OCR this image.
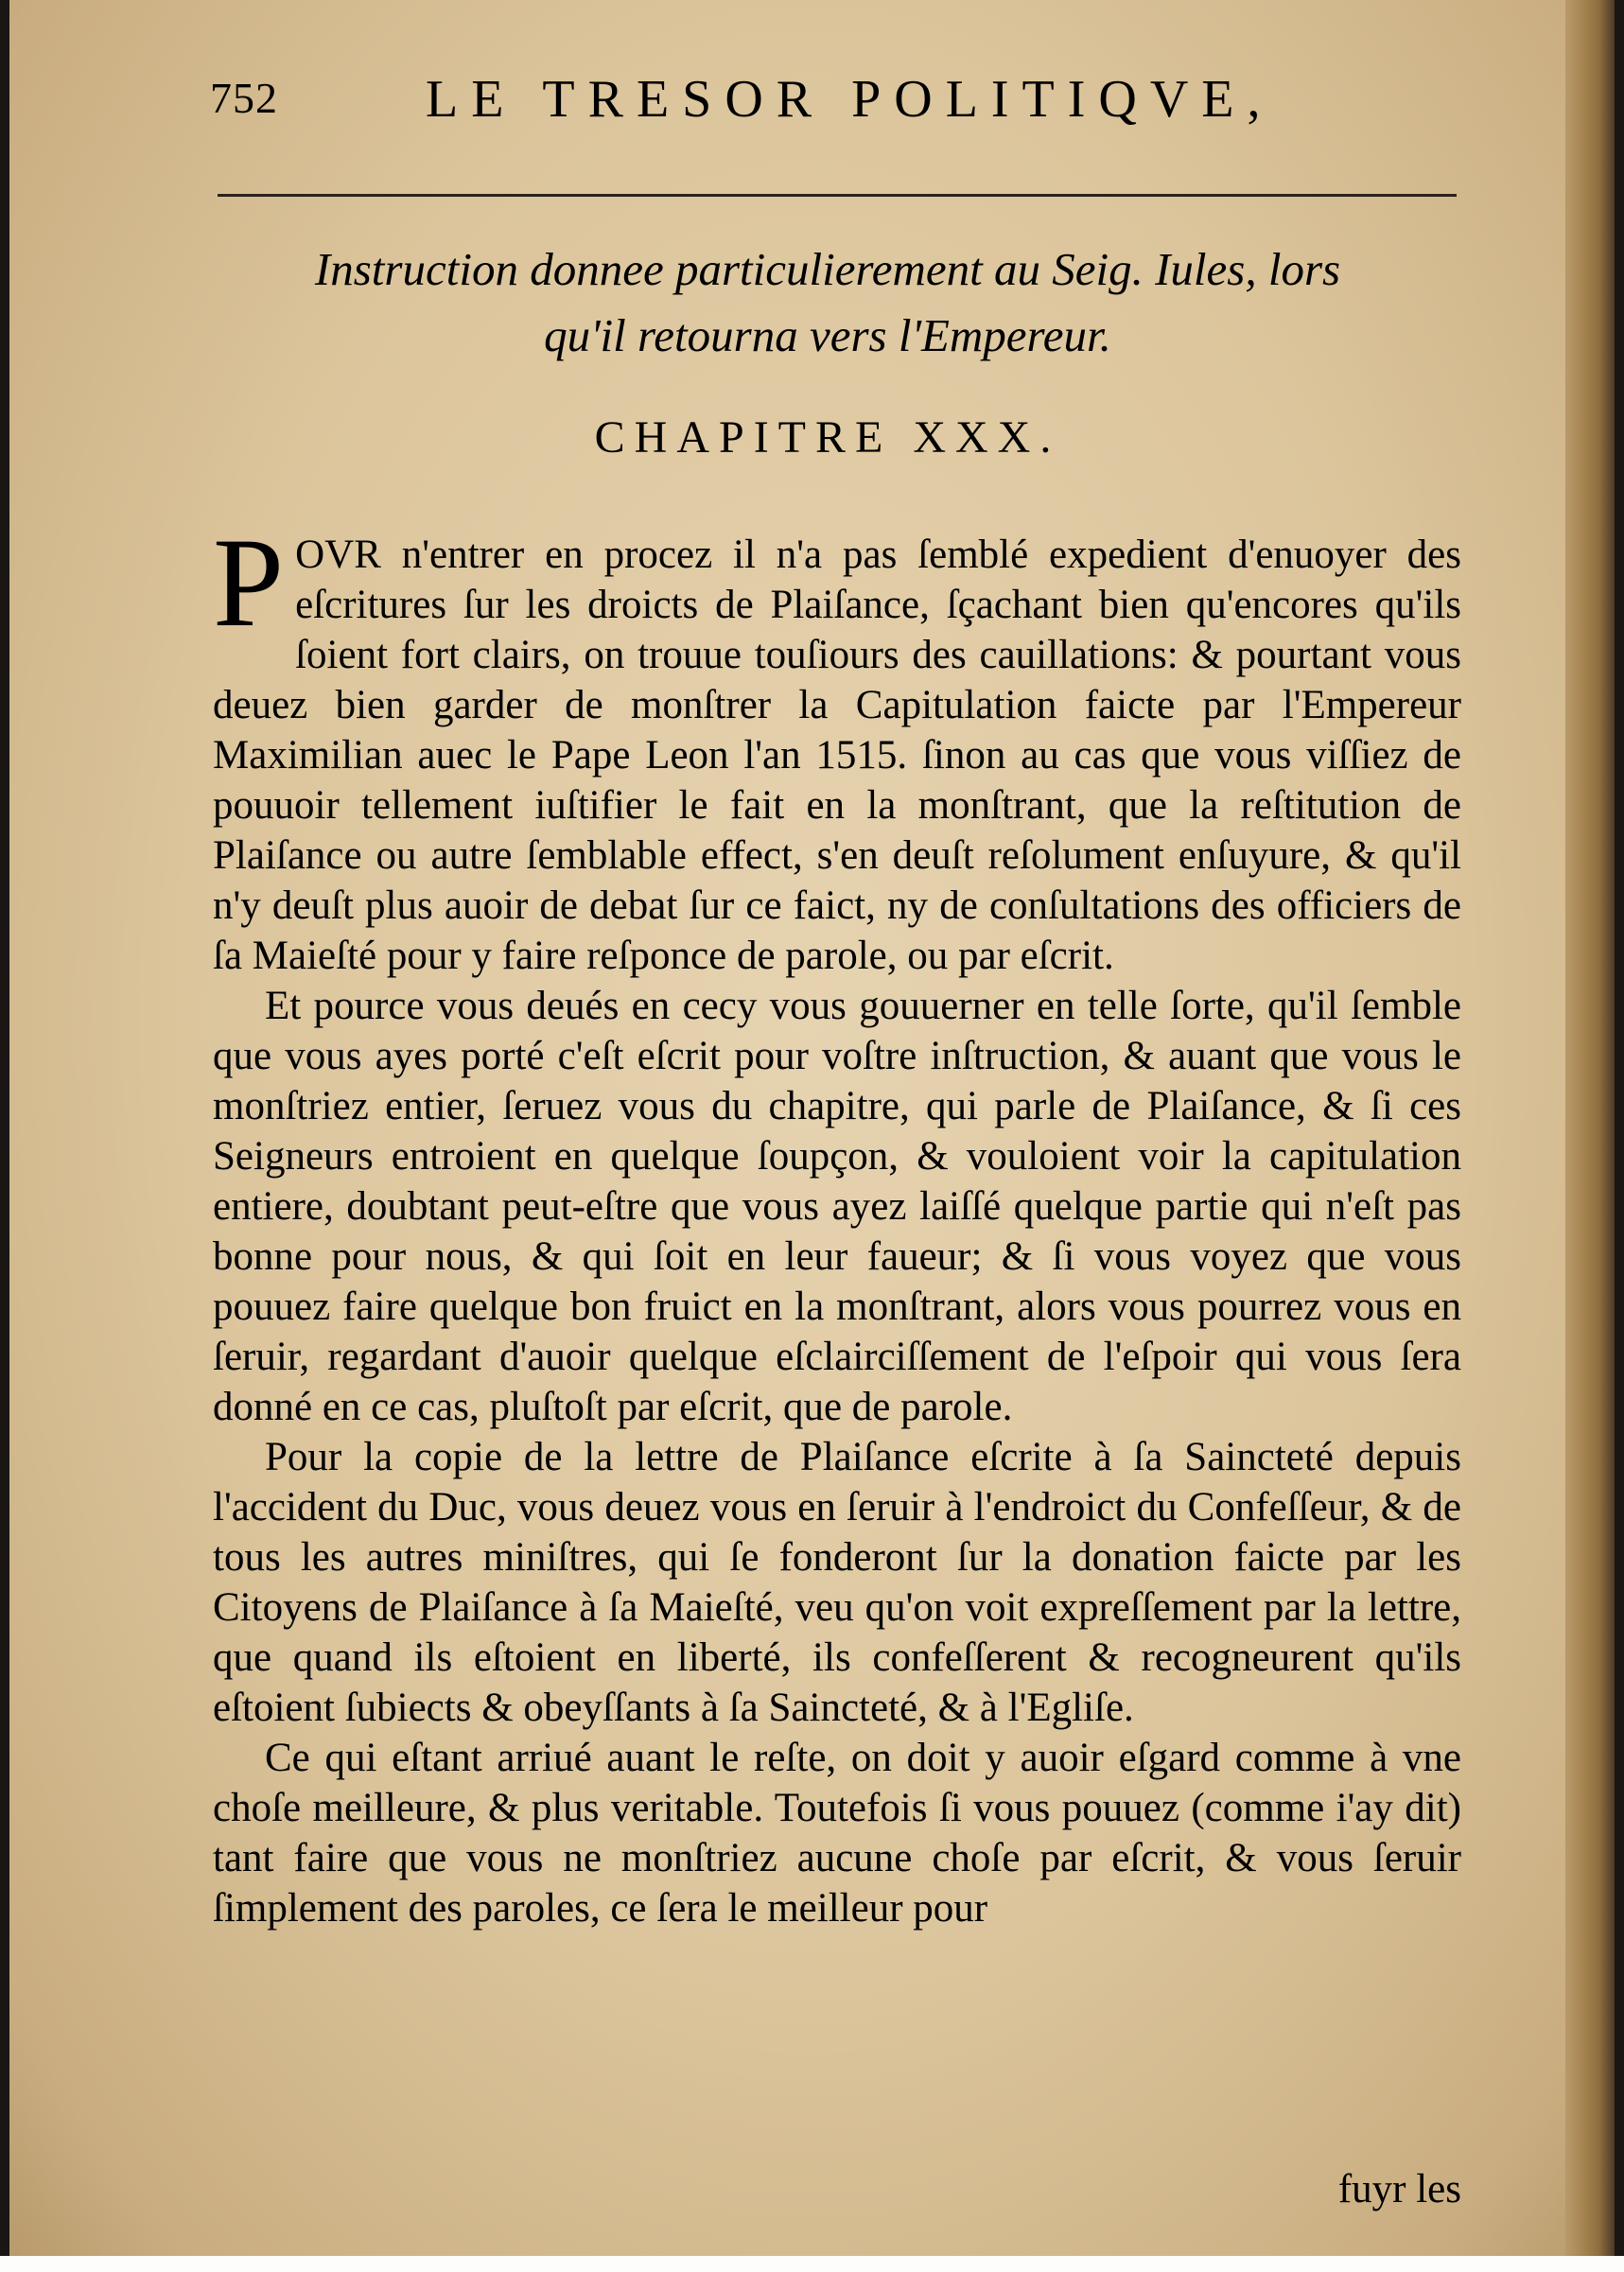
752	LE TRESOR POLITIQVE,
Instruction donnee particulierement au Seig. Iules, lors qu'il retourna vers l'Empereur.
CHAPITRE XXX.

P OVR n'entrer en procez il n'a pas ſemblé expedient d'enuoyer des eſcritures ſur les droicts de Plaiſance, ſçachant bien qu'encores qu'ils ſoient fort clairs, on trouue touſiours des cauillations: & pourtant vous deuez bien garder de monſtrer la Capitulation faicte par l'Empereur Maximilian auec le Pape Leon l'an 1515. ſinon au cas que vous viſſiez de pouuoir tellement iuſtifier le fait en la monſtrant, que la reſtitution de Plaiſance ou autre ſemblable effect, s'en deuſt reſolument enſuyure, & qu'il n'y deuſt plus auoir de debat ſur ce faict, ny de conſultations des officiers de ſa Maieſté pour y faire reſponce de parole, ou par eſcrit.

Et pource vous deués en cecy vous gouuerner en telle ſorte, qu'il ſemble que vous ayes porté c'eſt eſcrit pour voſtre inſtruction, & auant que vous le monſtriez entier, ſeruez vous du chapitre, qui parle de Plaiſance, & ſi ces Seigneurs entroient en quelque ſoupçon, & vouloient voir la capitulation entiere, doubtant peut-eſtre que vous ayez laiſſé quelque partie qui n'eſt pas bonne pour nous, & qui ſoit en leur faueur; & ſi vous voyez que vous pouuez faire quelque bon fruict en la monſtrant, alors vous pourrez vous en ſeruir, regardant d'auoir quelque eſclairciſſement de l'eſpoir qui vous ſera donné en ce cas, pluſtoſt par eſcrit, que de parole.

Pour la copie de la lettre de Plaiſance eſcrite à ſa Saincteté depuis l'accident du Duc, vous deuez vous en ſeruir à l'endroict du Confeſſeur, & de tous les autres miniſtres, qui ſe fonderont ſur la donation faicte par les Citoyens de Plaiſance à ſa Maieſté, veu qu'on voit expreſſement par la lettre, que quand ils eſtoient en liberté, ils confeſſerent & recogneurent qu'ils eſtoient ſubiects & obeyſſants à ſa Saincteté, & à l'Egliſe.

Ce qui eſtant arriué auant le reſte, on doit y auoir eſgard comme à vne choſe meilleure, & plus veritable. Toutefois ſi vous pouuez (comme i'ay dit) tant faire que vous ne monſtriez aucune choſe par eſcrit, & vous ſeruir ſimplement des paroles, ce ſera le meilleur pour

fuyr les
